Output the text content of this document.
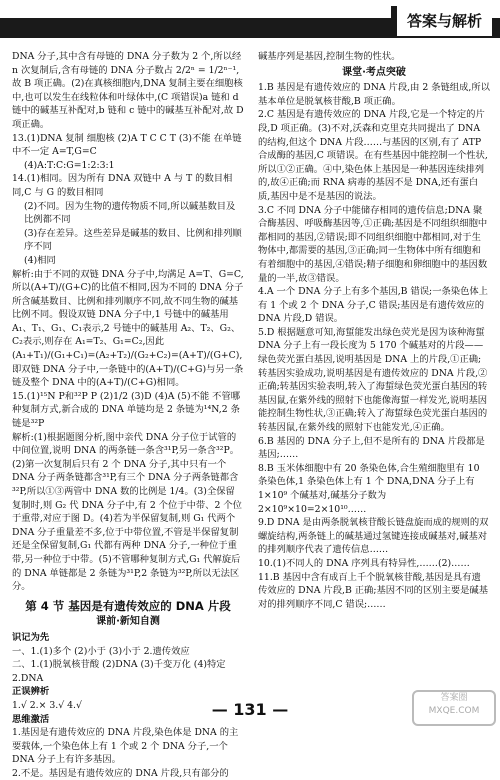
答案与解析

DNA 分子,其中含有母链的 DNA 分子数为 2 个,所以经 n 次复制后,含有母链的 DNA 分子数占 2/2ⁿ = 1/2ⁿ⁻¹,故 B 项正确。(2)在真核细胞内,DNA 复制主要在细胞核中,也可以发生在线粒体和叶绿体中,(C 项错误)a 链和 d 链中的碱基互补配对,b 链和 c 链中的碱基互补配对,故 D 项正确。

13.(1)DNA 复制 细胞核 (2)A T C C T (3)不能 在单链中不一定 A=T,G=C

(4)A:T:C:G=1:2:3:1

14.(1)相同。因为所有 DNA 双链中 A 与 T 的数目相同,C 与 G 的数目相同

(2)不同。因为生物的遗传物质不同,所以碱基数目及比例都不同

(3)存在差异。这些差异是碱基的数目、比例和排列顺序不同

(4)相同

解析:由于不同的双链 DNA 分子中,均满足 A=T、G=C,所以(A+T)/(G+C)的比值不相同,因为不同的 DNA 分子所含碱基数目、比例和排列顺序不同,故不同生物的碱基比例不同。假设双链 DNA 分子中,1 号链中的碱基用 A₁、T₁、G₁、C₁表示,2 号链中的碱基用 A₂、T₂、G₂、C₂表示,则存在 A₁=T₂、G₁=C₂,因此(A₁+T₁)/(G₁+C₁)=(A₂+T₂)/(G₂+C₂)=(A+T)/(G+C),即双链 DNA 分子中,一条链中的(A+T)/(C+G)与另一条链及整个 DNA 中的(A+T)/(C+G)相同。

15.(1)¹⁵N P和³²P P (2)1/2 (3)D (4)A (5)不能 不管哪种复制方式,新合成的 DNA 单链均是 2 条链为¹⁴N,2 条链是³²P

解析:(1)根据题图分析,图中亲代 DNA 分子位于试管的中间位置,说明 DNA 的两条链一条含³¹P,另一条含³²P。(2)第一次复制后只有 2 个 DNA 分子,其中只有一个 DNA 分子两条链都含³¹P,有三个 DNA 分子两条链都含³²P,所以①③两管中 DNA 数的比例是 1/4。(3)全保留复制时,则 G₂ 代 DNA 分子中,有 2 个位于中带、2 个位于重带,对应于图 D。(4)若为半保留复制,则 G₁ 代两个 DNA 分子重量差不多,位于中带位置,不管是半保留复制还是全保留复制,G₁ 代都有两种 DNA 分子,一种位于重带,另一种位于中带。(5)不管哪种复制方式,G₁ 代解旋后的 DNA 单链都是 2 条链为³¹P,2 条链为³²P,所以无法区分。

第 4 节 基因是有遗传效应的 DNA 片段
课前·新知自测

识记为先

一、1.(1)多个 (2)小于 (3)小于 2.遗传效应

二、1.(1)脱氧核苷酸 (2)DNA (3)千变万化 (4)特定

2.DNA

正误辨析

1.√ 2.× 3.√ 4.√

思维激活

1.基因是有遗传效应的 DNA 片段,染色体是 DNA 的主要载体,一个染色体上有 1 个或 2 个 DNA 分子,一个 DNA 分子上有许多基因。

2.不是。基因是有遗传效应的 DNA 片段,只有部分的

碱基序列是基因,控制生物的性状。

课堂·考点突破

1.B 基因是有遗传效应的 DNA 片段,由 2 条链组成,所以基本单位是脱氧核苷酸,B 项正确。

2.C 基因是有遗传效应的 DNA 片段,它是一个特定的片段,D 项正确。(3)不对,沃森和克里克共同提出了 DNA 的结构,但这个 DNA 片段……与基因的区别,有了 ATP 合成酶的基因,C 项错误。在有些基因中能控制一个性状,所以①②正确。④中,染色体上基因是一种基因连续排列的,故④正确;而 RNA 病毒的基因不是 DNA,还有蛋白质,基因中是不是基因的说法。

3.C 不同 DNA 分子中能储存相同的遗传信息;DNA 聚合酶基因、呼吸酶基因等,①正确;基因是不同组织细胞中都相同的基因,②错误;即不同组织细胞中都相同,对于生物体中,都需要的基因,③正确;同一生物体中所有细胞和有着细胞中的基因,④错误;精子细胞和卵细胞中的基因数量的一半,故③错误。

4.A 一个 DNA 分子上有多个基因,B 错误;一条染色体上有 1 个或 2 个 DNA 分子,C 错误;基因是有遗传效应的 DNA 片段,D 错误。

5.D 根据题意可知,海蜇能发出绿色荧光是因为该种海蜇 DNA 分子上有一段长度为 5 170 个碱基对的片段——绿色荧光蛋白基因,说明基因是 DNA 上的片段,①正确;转基因实验成功,说明基因是有遗传效应的 DNA 片段,②正确;转基因实验表明,转入了海蜇绿色荧光蛋白基因的转基因鼠,在紫外线的照射下也能像海蜇一样发光,说明基因能控制生物性状,③正确;转入了海蜇绿色荧光蛋白基因的转基因鼠,在紫外线的照射下也能发光,④正确。

6.B 基因的 DNA 分子上,但不是所有的 DNA 片段都是基因;……

8.B 玉米体细胞中有 20 条染色体,合生殖细胞里有 10 条染色体,1 条染色体上有 1 个 DNA,DNA 分子上有 1×10⁹ 个碱基对,碱基分子数为 2×10⁹×10=2×10¹⁰……

9.D DNA 是由两条脱氧核苷酸长链盘旋而成的规则的双螺旋结构,两条链上的碱基通过氢键连接成碱基对,碱基对的排列顺序代表了遗传信息……

10.(1)不同人的 DNA 序列具有特异性,……(2)……

11.B 基因中含有成百上千个脱氧核苷酸,基因是具有遗传效应的 DNA 片段,B 正确;基因不同的区别主要是碱基对的排列顺序不同,C 错误;……

— 131 —
答案圈 MXQE.COM
